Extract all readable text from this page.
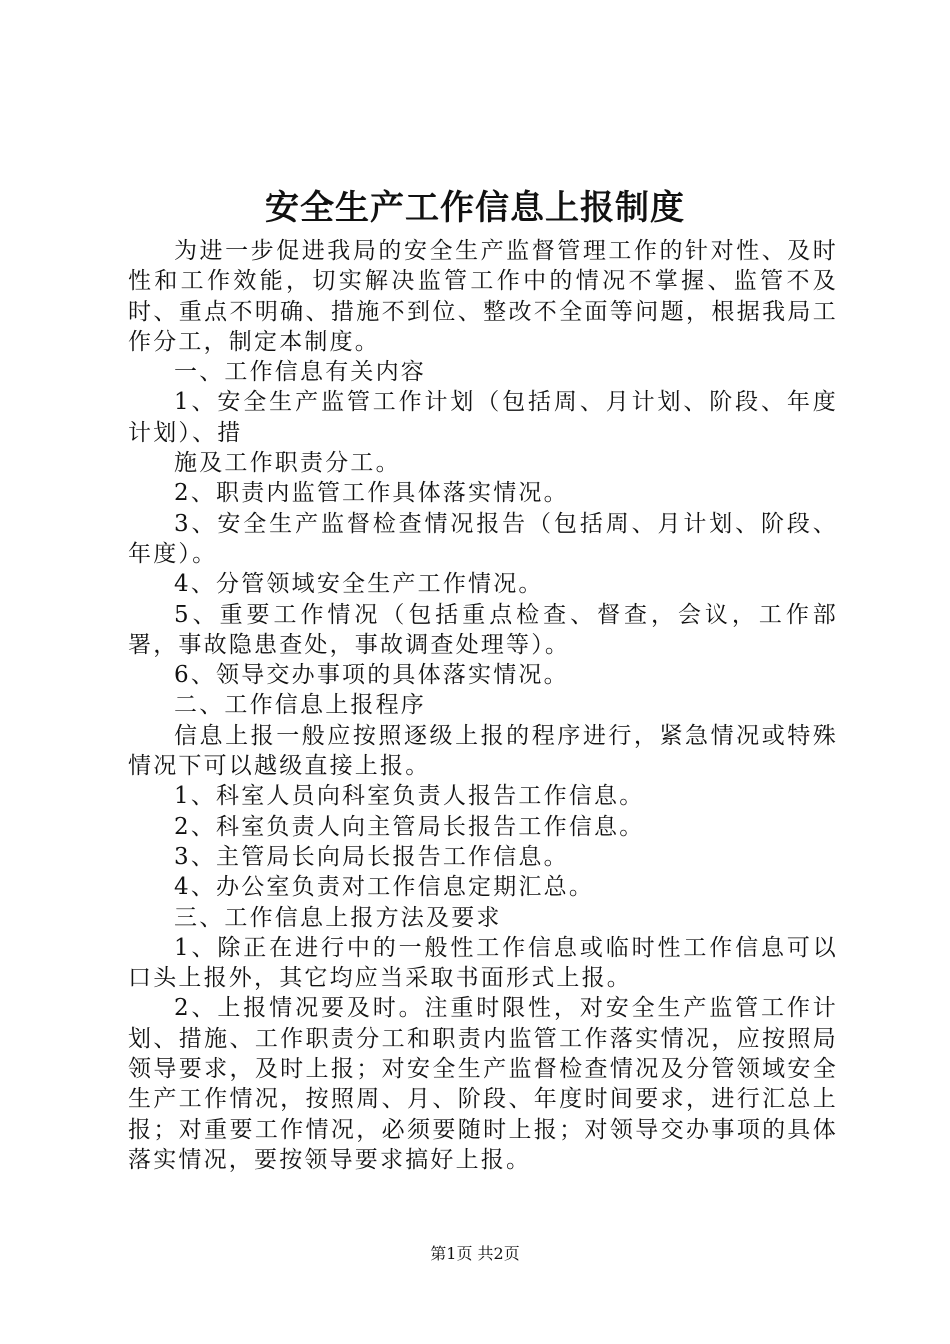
安全生产工作信息上报制度

为进一步促进我局的安全生产监督管理工作的针对性、及时性和工作效能，切实解决监管工作中的情况不掌握、监管不及时、重点不明确、措施不到位、整改不全面等问题，根据我局工作分工，制定本制度。

一、工作信息有关内容

1、安全生产监管工作计划（包括周、月计划、阶段、年度计划）、措

施及工作职责分工。

2、职责内监管工作具体落实情况。

3、安全生产监督检查情况报告（包括周、月计划、阶段、年度）。

4、分管领域安全生产工作情况。

5、重要工作情况（包括重点检查、督查，会议，工作部署，事故隐患查处，事故调查处理等）。

6、领导交办事项的具体落实情况。

二、工作信息上报程序

信息上报一般应按照逐级上报的程序进行，紧急情况或特殊情况下可以越级直接上报。

1、科室人员向科室负责人报告工作信息。

2、科室负责人向主管局长报告工作信息。

3、主管局长向局长报告工作信息。

4、办公室负责对工作信息定期汇总。

三、工作信息上报方法及要求

1、除正在进行中的一般性工作信息或临时性工作信息可以口头上报外，其它均应当采取书面形式上报。

2、上报情况要及时。注重时限性，对安全生产监管工作计划、措施、工作职责分工和职责内监管工作落实情况，应按照局领导要求，及时上报；对安全生产监督检查情况及分管领域安全生产工作情况，按照周、月、阶段、年度时间要求，进行汇总上报；对重要工作情况，必须要随时上报；对领导交办事项的具体落实情况，要按领导要求搞好上报。

第1页 共2页
